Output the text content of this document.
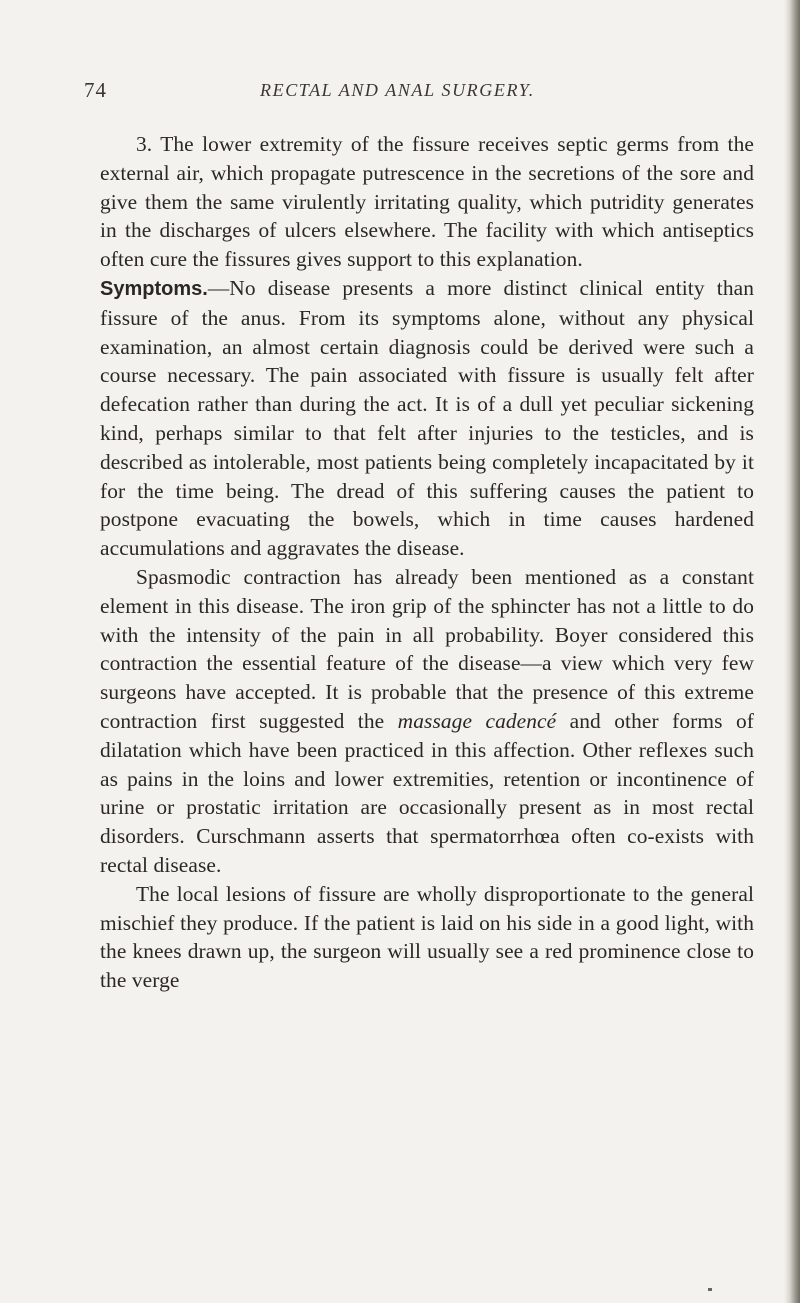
74	RECTAL AND ANAL SURGERY.

3. The lower extremity of the fissure receives septic germs from the external air, which propagate putrescence in the secretions of the sore and give them the same virulently irritating quality, which putridity generates in the discharges of ulcers elsewhere. The facility with which antiseptics often cure the fissures gives support to this explanation.

Symptoms.—No disease presents a more distinct clinical entity than fissure of the anus. From its symptoms alone, without any physical examination, an almost certain diagnosis could be derived were such a course necessary. The pain associated with fissure is usually felt after defecation rather than during the act. It is of a dull yet peculiar sickening kind, perhaps similar to that felt after injuries to the testicles, and is described as intolerable, most patients being completely incapacitated by it for the time being. The dread of this suffering causes the patient to postpone evacuating the bowels, which in time causes hardened accumulations and aggravates the disease.

Spasmodic contraction has already been mentioned as a constant element in this disease. The iron grip of the sphincter has not a little to do with the intensity of the pain in all probability. Boyer considered this contraction the essential feature of the disease—a view which very few surgeons have accepted. It is probable that the presence of this extreme contraction first suggested the massage cadencé and other forms of dilatation which have been practiced in this affection. Other reflexes such as pains in the loins and lower extremities, retention or incontinence of urine or prostatic irritation are occasionally present as in most rectal disorders. Curschmann asserts that spermatorrhœa often co-exists with rectal disease.

The local lesions of fissure are wholly disproportionate to the general mischief they produce. If the patient is laid on his side in a good light, with the knees drawn up, the surgeon will usually see a red prominence close to the verge
